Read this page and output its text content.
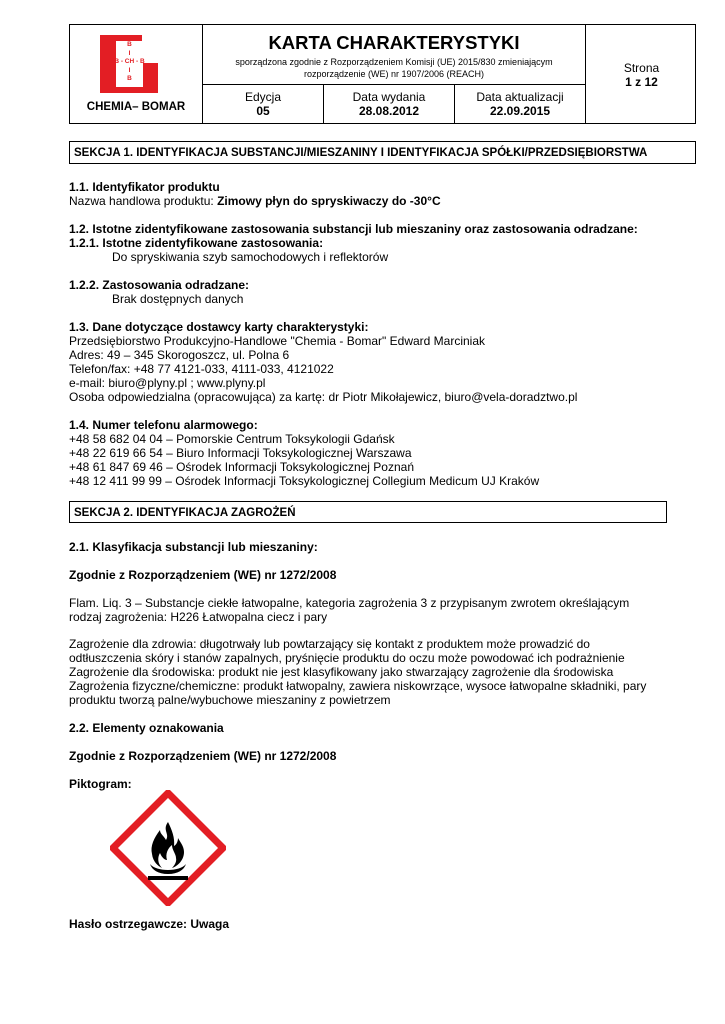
B
I
B - CH - B
I
B
CHEMIA– BOMAR
KARTA CHARAKTERYSTYKI
sporządzona zgodnie z Rozporządzeniem Komisji (UE) 2015/830 zmieniającym
rozporządzenie (WE) nr 1907/2006 (REACH)	Strona
1 z 12
Edycja
05
Data wydania
28.08.2012
Data aktualizacji
22.09.2015
SEKCJA 1. IDENTYFIKACJA SUBSTANCJI/MIESZANINY I IDENTYFIKACJA SPÓŁKI/PRZEDSIĘBIORSTWA
1.1. Identyfikator produktu
Nazwa handlowa produktu: Zimowy płyn do spryskiwaczy do -30°C
1.2. Istotne zidentyfikowane zastosowania substancji lub mieszaniny oraz zastosowania odradzane:
1.2.1. Istotne zidentyfikowane zastosowania:
Do spryskiwania szyb samochodowych i reflektorów
1.2.2. Zastosowania odradzane:
Brak dostępnych danych
1.3. Dane dotyczące dostawcy karty charakterystyki:
Przedsiębiorstwo Produkcyjno-Handlowe "Chemia - Bomar" Edward Marciniak
Adres: 49 – 345 Skorogoszcz, ul. Polna 6
Telefon/fax: +48 77 4121-033, 4111-033, 4121022
e-mail: biuro@plyny.pl ; www.plyny.pl
Osoba odpowiedzialna (opracowująca) za kartę: dr Piotr Mikołajewicz, biuro@vela-doradztwo.pl
1.4. Numer telefonu alarmowego:
+48 58 682 04 04 – Pomorskie Centrum Toksykologii Gdańsk
+48 22 619 66 54 – Biuro Informacji Toksykologicznej Warszawa
+48 61 847 69 46 – Ośrodek Informacji Toksykologicznej Poznań
+48 12 411 99 99 – Ośrodek Informacji Toksykologicznej Collegium Medicum UJ Kraków
SEKCJA 2. IDENTYFIKACJA ZAGROŻEŃ
2.1. Klasyfikacja substancji lub mieszaniny:
Zgodnie z Rozporządzeniem (WE) nr 1272/2008
Flam. Liq. 3 – Substancje ciekłe łatwopalne, kategoria zagrożenia 3 z przypisanym zwrotem określającym
rodzaj zagrożenia: H226 Łatwopalna ciecz i pary
Zagrożenie dla zdrowia: długotrwały lub powtarzający się kontakt z produktem może prowadzić do
odtłuszczenia skóry i stanów zapalnych, pryśnięcie produktu do oczu może powodować ich podrażnienie
Zagrożenie dla środowiska: produkt nie jest klasyfikowany jako stwarzający zagrożenie dla środowiska
Zagrożenia fizyczne/chemiczne: produkt łatwopalny, zawiera niskowrzące, wysoce łatwopalne składniki, pary
produktu tworzą palne/wybuchowe mieszaniny z powietrzem
2.2. Elementy oznakowania
Zgodnie z Rozporządzeniem (WE) nr 1272/2008
Piktogram:
Hasło ostrzegawcze: Uwaga
